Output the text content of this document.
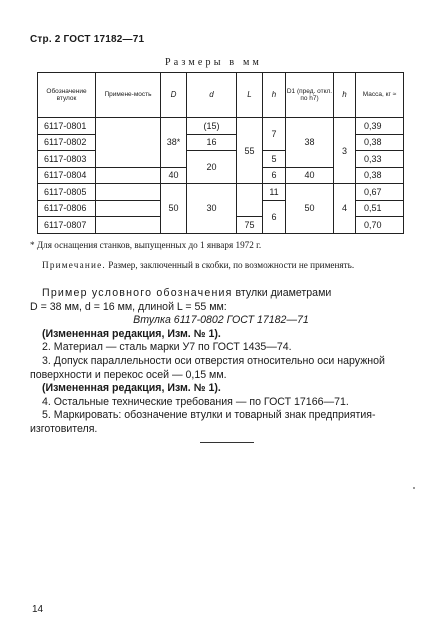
Стр. 2 ГОСТ 17182—71
Размеры в мм
Обозначение втулок	Примене-мость	D	d	L	h	D1 (пред. откл. по h7)	h	Масса, кг ≈
6117-0801		38*	(15)	55	7	38	3	0,39
6117-0802			16					0,38
6117-0803			20		5			0,33
6117-0804		40			6	40		0,38
6117-0805		50	30		11	50	4	0,67
6117-0806					6			0,51
6117-0807				75				0,70
* Для оснащения станков, выпущенных до 1 января 1972 г.
Примечание. Размер, заключенный в скобки, по возможности не применять.

Пример условного обозначения втулки диаметрами

D = 38 мм, d = 16 мм, длиной L = 55 мм:

Втулка 6117-0802 ГОСТ 17182—71

(Измененная редакция, Изм. № 1).

2. Материал — сталь марки У7 по ГОСТ 1435—74.

3. Допуск параллельности оси отверстия относительно оси наружной поверхности и перекос осей — 0,15 мм.

(Измененная редакция, Изм. № 1).

4. Остальные технические требования — по ГОСТ 17166—71.

5. Маркировать: обозначение втулки и товарный знак предприятия-изготовителя.

14
